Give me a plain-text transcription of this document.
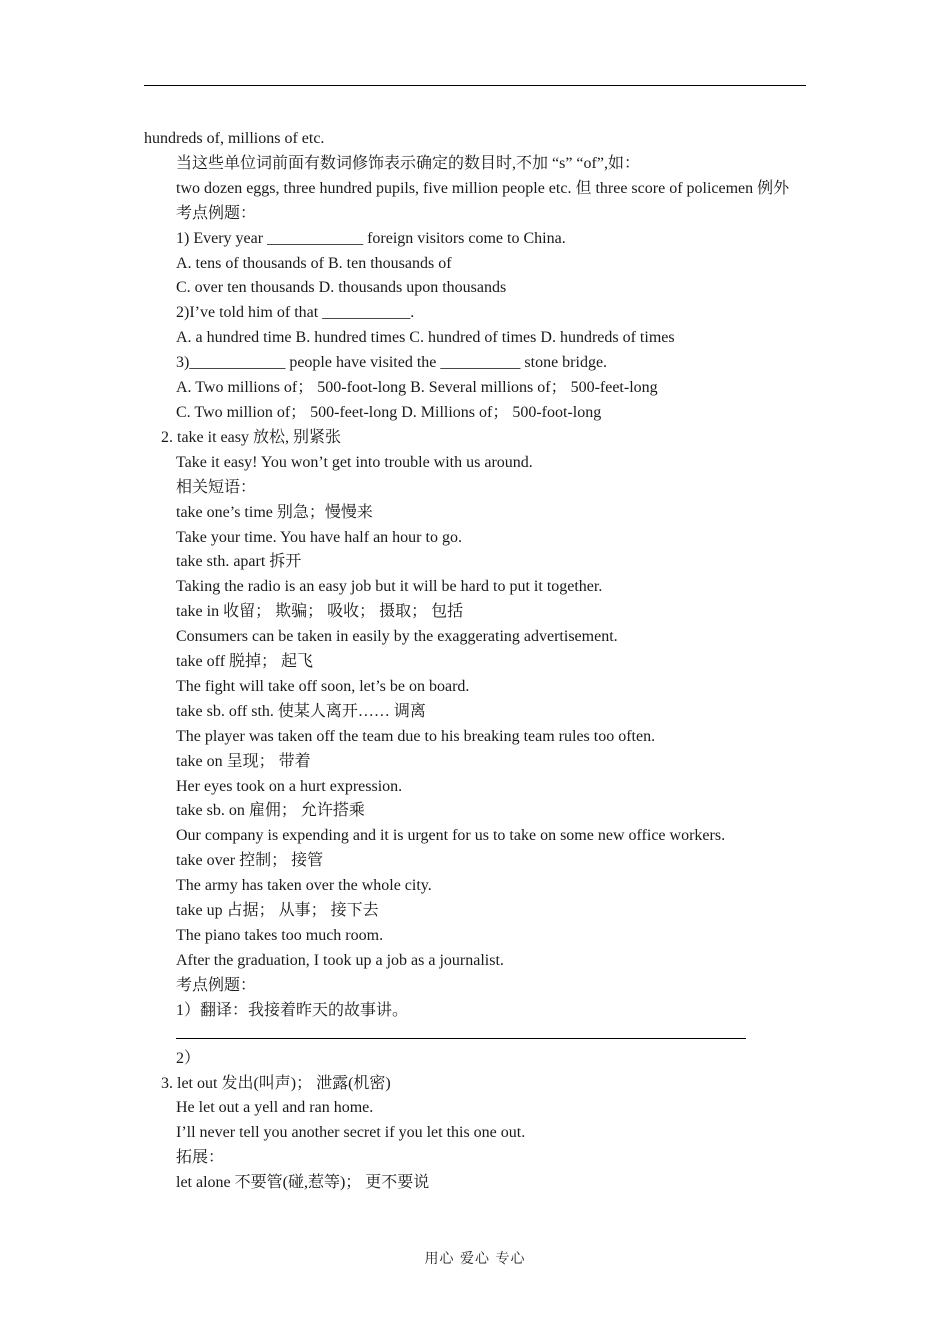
hundreds of, millions of etc.
当这些单位词前面有数词修饰表示确定的数目时,不加 “s” “of”,如：
two dozen eggs, three hundred pupils, five million people etc. 但 three score of policemen 例外
考点例题：
1) Every year ____________ foreign visitors come to China.
A. tens of thousands of B. ten thousands of
C. over ten thousands D. thousands upon thousands
2)I’ve told him of that ___________.
A. a hundred time B. hundred times C. hundred of times D. hundreds of times
3)____________ people have visited the __________ stone bridge.
A. Two millions of； 500-foot-long B. Several millions of； 500-feet-long
C. Two million of； 500-feet-long D. Millions of； 500-foot-long
2. take it easy 放松, 别紧张
Take it easy! You won’t get into trouble with us around.
相关短语：
take one’s time 别急；慢慢来
Take your time. You have half an hour to go.
take sth. apart 拆开
Taking the radio is an easy job but it will be hard to put it together.
take in 收留； 欺骗； 吸收； 摄取； 包括
Consumers can be taken in easily by the exaggerating advertisement.
take off 脱掉； 起飞
The fight will take off soon, let’s be on board.
take sb. off sth. 使某人离开…… 调离
The player was taken off the team due to his breaking team rules too often.
take on 呈现； 带着
Her eyes took on a hurt expression.
take sb. on 雇佣； 允许搭乘
Our company is expending and it is urgent for us to take on some new office workers.
take over 控制； 接管
The army has taken over the whole city.
take up 占据； 从事； 接下去
The piano takes too much room.
After the graduation, I took up a job as a journalist.
考点例题：
1）翻译：我接着昨天的故事讲。
2）
3. let out 发出(叫声)； 泄露(机密)
He let out a yell and ran home.
I’ll never tell you another secret if you let this one out.
拓展：
let alone 不要管(碰,惹等)； 更不要说
用心 爱心 专心
